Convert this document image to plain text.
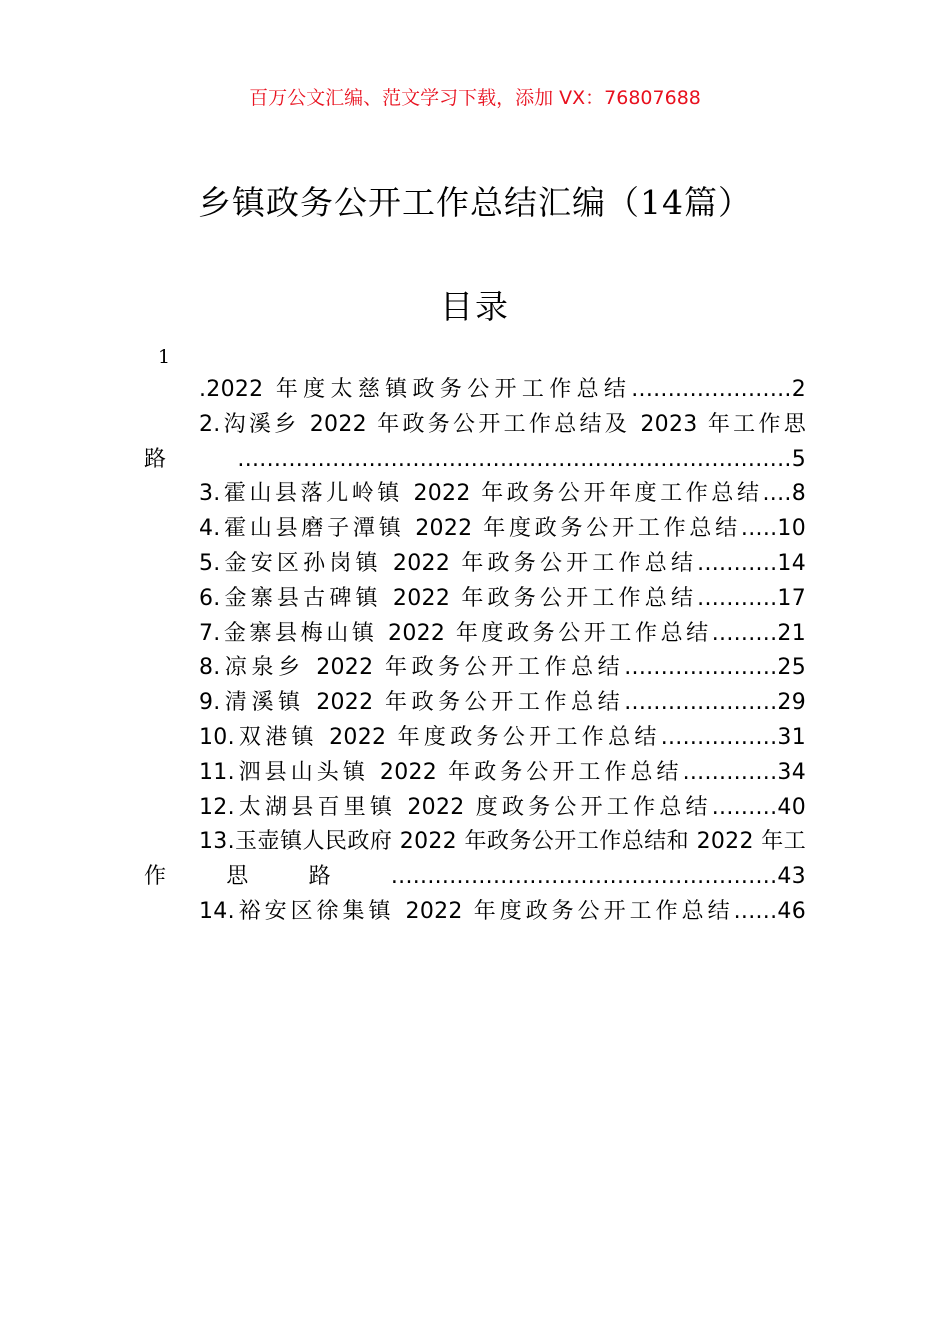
百万公文汇编、范文学习下载，添加 VX：76807688
乡镇政务公开工作总结汇编（14篇）
目录
1
.2022 年度太慈镇政务公开工作总结......................2
2.沟溪乡 2022 年政务公开工作总结及 2023 年工作思路............................................................................5
3.霍山县落儿岭镇 2022 年政务公开年度工作总结....8
4.霍山县磨子潭镇 2022 年度政务公开工作总结.....10
5.金安区孙岗镇 2022 年政务公开工作总结...........14
6.金寨县古碑镇 2022 年政务公开工作总结...........17
7.金寨县梅山镇 2022 年度政务公开工作总结.........21
8.凉泉乡 2022 年政务公开工作总结.....................25
9.清溪镇 2022 年政务公开工作总结.....................29
10.双港镇 2022 年度政务公开工作总结................31
11.泗县山头镇 2022 年政务公开工作总结.............34
12.太湖县百里镇 2022 度政务公开工作总结.........40
13.玉壶镇人民政府 2022 年政务公开工作总结和 2022 年工作思路.....................................................43
14.裕安区徐集镇 2022 年度政务公开工作总结......46
